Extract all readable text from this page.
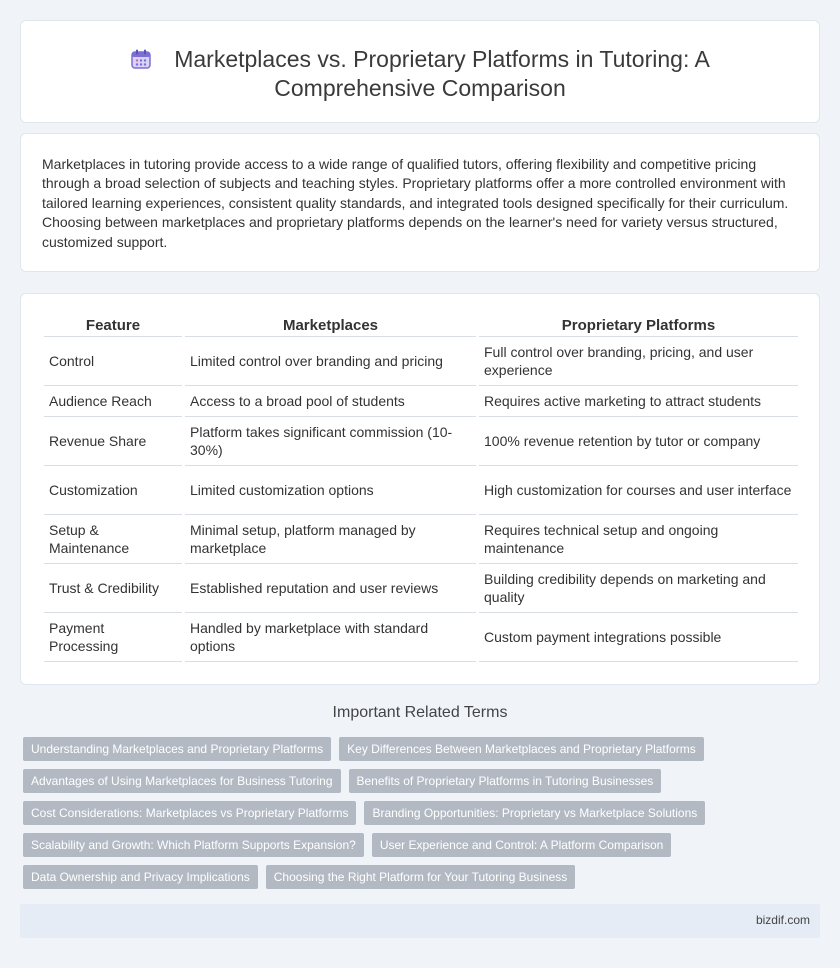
Marketplaces vs. Proprietary Platforms in Tutoring: A
Comprehensive Comparison

Marketplaces in tutoring provide access to a wide range of qualified tutors, offering flexibility and competitive pricing through a broad selection of subjects and teaching styles. Proprietary platforms offer a more controlled environment with tailored learning experiences, consistent quality standards, and integrated tools designed specifically for their curriculum. Choosing between marketplaces and proprietary platforms depends on the learner's need for variety versus structured, customized support.

Feature	Marketplaces	Proprietary Platforms
Control	Limited control over branding and pricing	Full control over branding, pricing, and user experience
Audience Reach	Access to a broad pool of students	Requires active marketing to attract students
Revenue Share	Platform takes significant commission (10-30%)	100% revenue retention by tutor or company
Customization	Limited customization options	High customization for courses and user interface
Setup & Maintenance	Minimal setup, platform managed by marketplace	Requires technical setup and ongoing maintenance
Trust & Credibility	Established reputation and user reviews	Building credibility depends on marketing and quality
Payment Processing	Handled by marketplace with standard options	Custom payment integrations possible
Important Related Terms
Understanding Marketplaces and Proprietary Platforms	Key Differences Between Marketplaces and Proprietary Platforms
Advantages of Using Marketplaces for Business Tutoring	Benefits of Proprietary Platforms in Tutoring Businesses
Cost Considerations: Marketplaces vs Proprietary Platforms	Branding Opportunities: Proprietary vs Marketplace Solutions
Scalability and Growth: Which Platform Supports Expansion?	User Experience and Control: A Platform Comparison
Data Ownership and Privacy Implications	Choosing the Right Platform for Your Tutoring Business
bizdif.com
